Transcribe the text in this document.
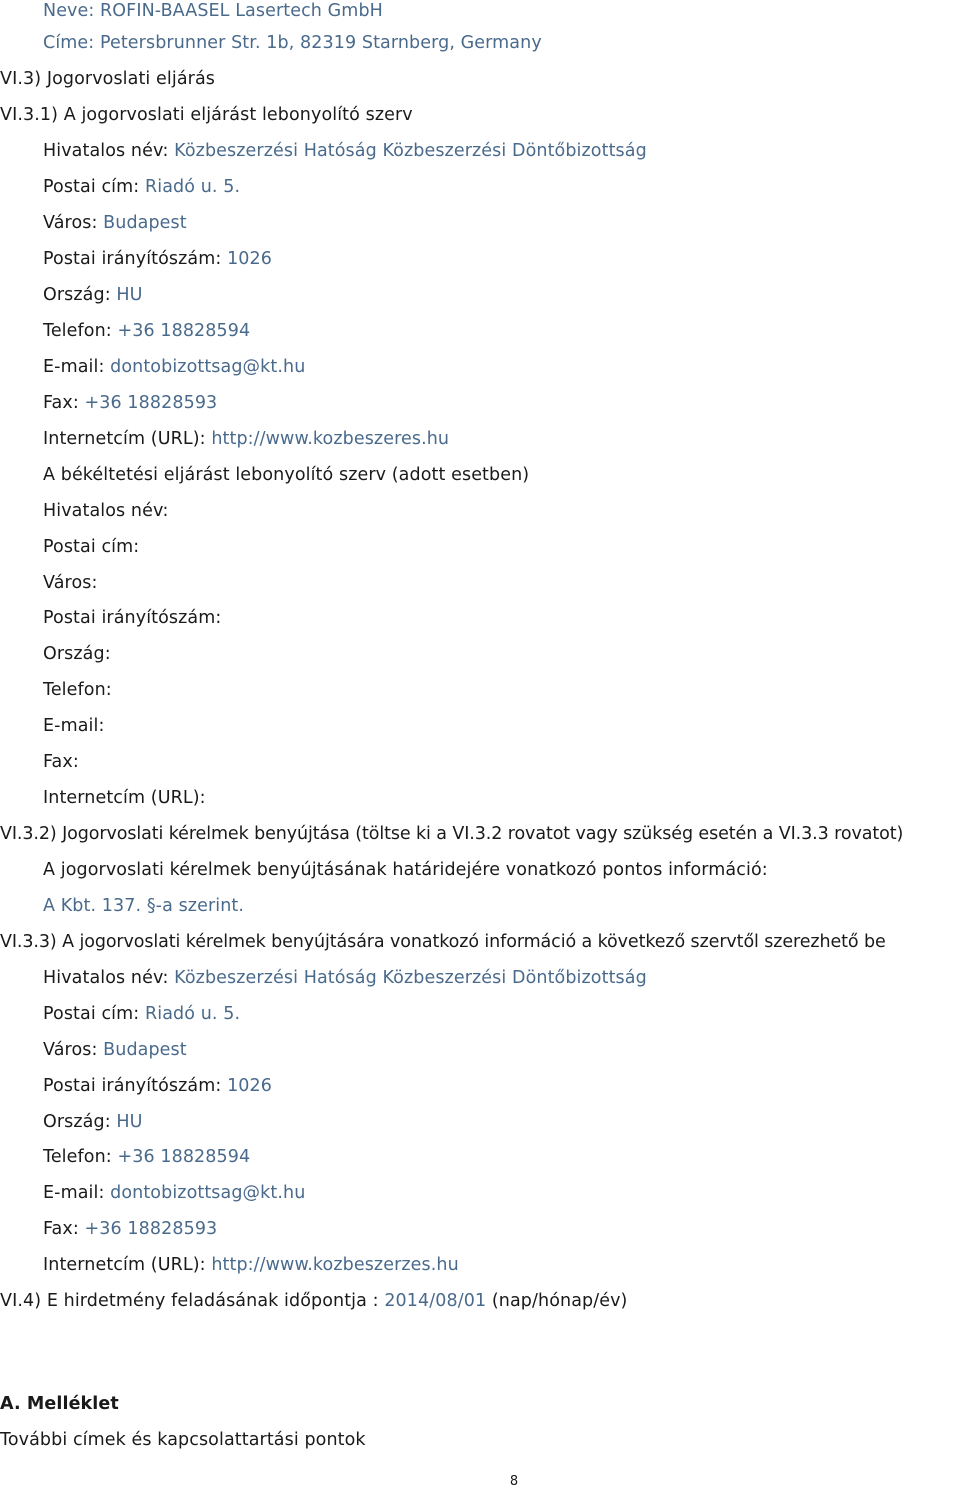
Neve: ROFIN-BAASEL Lasertech GmbH
Címe: Petersbrunner Str. 1b, 82319 Starnberg, Germany
VI.3) Jogorvoslati eljárás
VI.3.1) A jogorvoslati eljárást lebonyolító szerv
Hivatalos név: Közbeszerzési Hatóság Közbeszerzési Döntőbizottság
Postai cím: Riadó u. 5.
Város: Budapest
Postai irányítószám: 1026
Ország: HU
Telefon: +36 18828594
E-mail: dontobizottsag@kt.hu
Fax: +36 18828593
Internetcím (URL): http://www.kozbeszeres.hu
A békéltetési eljárást lebonyolító szerv (adott esetben)
Hivatalos név:
Postai cím:
Város:
Postai irányítószám:
Ország:
Telefon:
E-mail:
Fax:
Internetcím (URL):
VI.3.2) Jogorvoslati kérelmek benyújtása (töltse ki a VI.3.2 rovatot vagy szükség esetén a VI.3.3 rovatot)
A jogorvoslati kérelmek benyújtásának határidejére vonatkozó pontos információ:
A Kbt. 137. §-a szerint.
VI.3.3) A jogorvoslati kérelmek benyújtására vonatkozó információ a következő szervtől szerezhető be
Hivatalos név: Közbeszerzési Hatóság Közbeszerzési Döntőbizottság
Postai cím: Riadó u. 5.
Város: Budapest
Postai irányítószám: 1026
Ország: HU
Telefon: +36 18828594
E-mail: dontobizottsag@kt.hu
Fax: +36 18828593
Internetcím (URL): http://www.kozbeszerzes.hu
VI.4) E hirdetmény feladásának időpontja : 2014/08/01 (nap/hónap/év)
A. Melléklet
További címek és kapcsolattartási pontok
8
